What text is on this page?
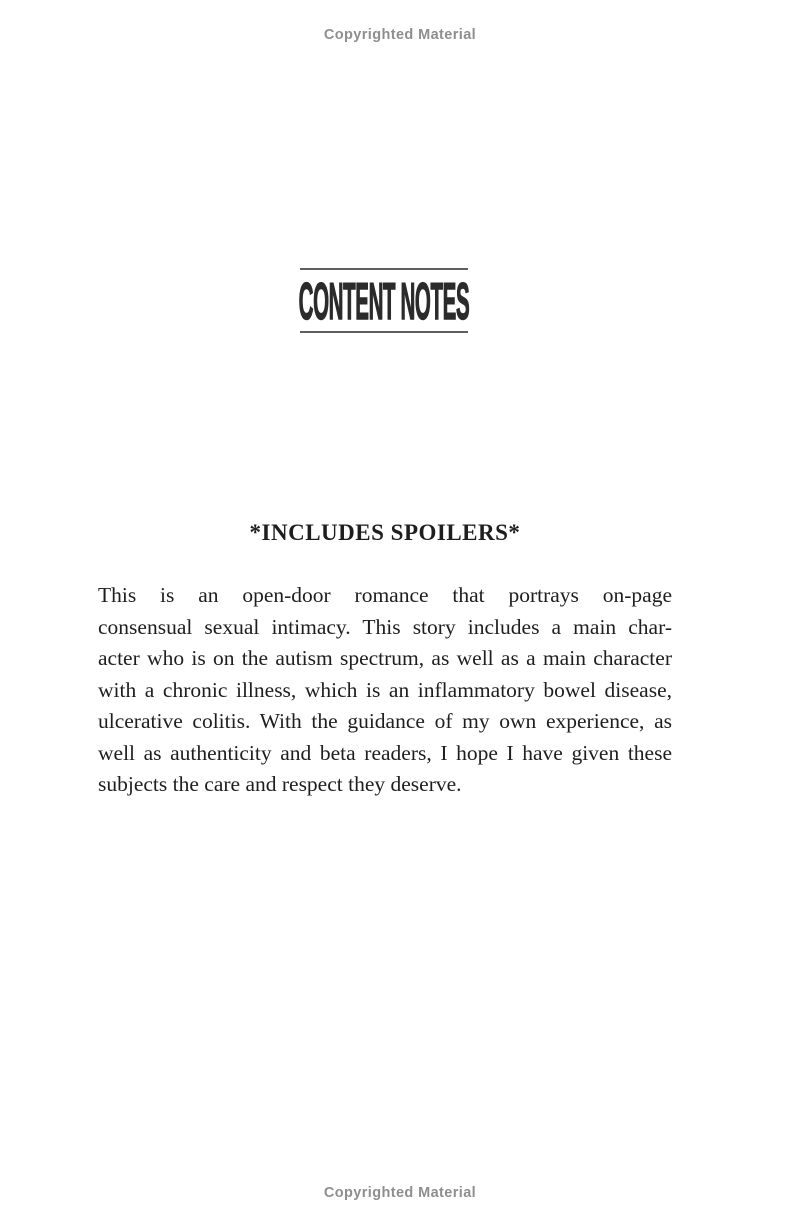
Copyrighted Material
CONTENT NOTES
*INCLUDES SPOILERS*
This is an open-door romance that portrays on-page
consensual sexual intimacy. This story includes a main char-
acter who is on the autism spectrum, as well as a main character
with a chronic illness, which is an inflammatory bowel disease,
ulcerative colitis. With the guidance of my own experience, as
well as authenticity and beta readers, I hope I have given these
subjects the care and respect they deserve.
Copyrighted Material
